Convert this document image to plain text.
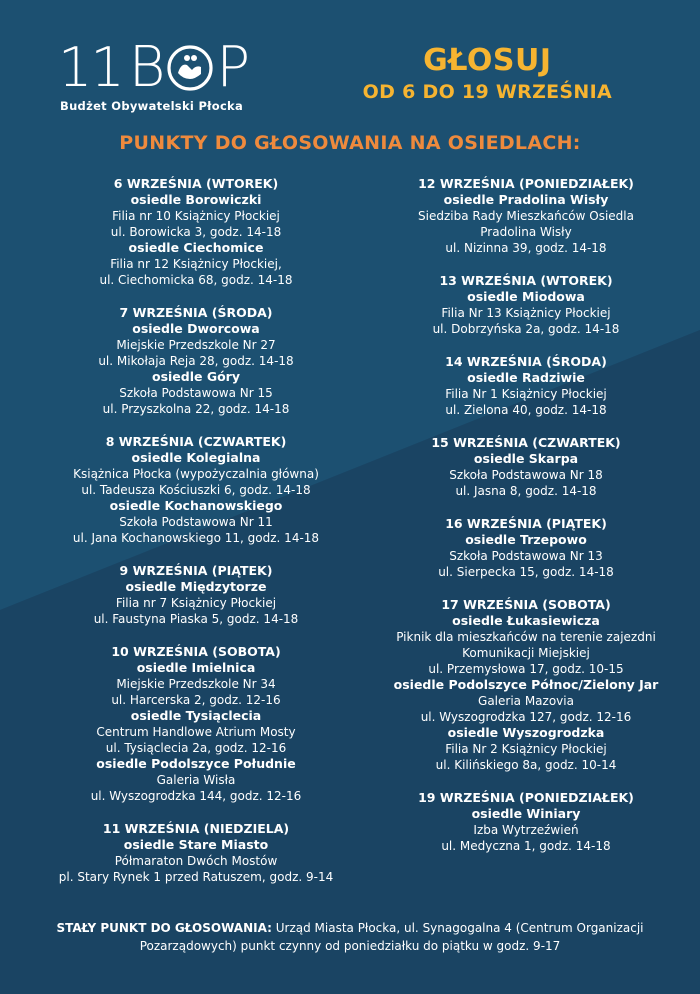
11 B P
Budżet Obywatelski Płocka
GŁOSUJ
OD 6 DO 19 WRZEŚNIA
PUNKTY DO GŁOSOWANIA NA OSIEDLACH:
6 WRZEŚNIA (WTOREK)
osiedle Borowiczki
Filia nr 10 Książnicy Płockiej
ul. Borowicka 3, godz. 14-18
osiedle Ciechomice
Filia nr 12 Książnicy Płockiej,
ul. Ciechomicka 68, godz. 14-18
7 WRZEŚNIA (ŚRODA)
osiedle Dworcowa
Miejskie Przedszkole Nr 27
ul. Mikołaja Reja 28, godz. 14-18
osiedle Góry
Szkoła Podstawowa Nr 15
ul. Przyszkolna 22, godz. 14-18
8 WRZEŚNIA (CZWARTEK)
osiedle Kolegialna
Książnica Płocka (wypożyczalnia główna)
ul. Tadeusza Kościuszki 6, godz. 14-18
osiedle Kochanowskiego
Szkoła Podstawowa Nr 11
ul. Jana Kochanowskiego 11, godz. 14-18
9 WRZEŚNIA (PIĄTEK)
osiedle Międzytorze
Filia nr 7 Książnicy Płockiej
ul. Faustyna Piaska 5, godz. 14-18
10 WRZEŚNIA (SOBOTA)
osiedle Imielnica
Miejskie Przedszkole Nr 34
ul. Harcerska 2, godz. 12-16
osiedle Tysiąclecia
Centrum Handlowe Atrium Mosty
ul. Tysiąclecia 2a, godz. 12-16
osiedle Podolszyce Południe
Galeria Wisła
ul. Wyszogrodzka 144, godz. 12-16
11 WRZEŚNIA (NIEDZIELA)
osiedle Stare Miasto
Półmaraton Dwóch Mostów
pl. Stary Rynek 1 przed Ratuszem, godz. 9-14
12 WRZEŚNIA (PONIEDZIAŁEK)
osiedle Pradolina Wisły
Siedziba Rady Mieszkańców Osiedla
Pradolina Wisły
ul. Nizinna 39, godz. 14-18
13 WRZEŚNIA (WTOREK)
osiedle Miodowa
Filia Nr 13 Książnicy Płockiej
ul. Dobrzyńska 2a, godz. 14-18
14 WRZEŚNIA (ŚRODA)
osiedle Radziwie
Filia Nr 1 Książnicy Płockiej
ul. Zielona 40, godz. 14-18
15 WRZEŚNIA (CZWARTEK)
osiedle Skarpa
Szkoła Podstawowa Nr 18
ul. Jasna 8, godz. 14-18
16 WRZEŚNIA (PIĄTEK)
osiedle Trzepowo
Szkoła Podstawowa Nr 13
ul. Sierpecka 15, godz. 14-18
17 WRZEŚNIA (SOBOTA)
osiedle Łukasiewicza
Piknik dla mieszkańców na terenie zajezdni
Komunikacji Miejskiej
ul. Przemysłowa 17, godz. 10-15
osiedle Podolszyce Północ/Zielony Jar
Galeria Mazovia
ul. Wyszogrodzka 127, godz. 12-16
osiedle Wyszogrodzka
Filia Nr 2 Książnicy Płockiej
ul. Kilińskiego 8a, godz. 10-14
19 WRZEŚNIA (PONIEDZIAŁEK)
osiedle Winiary
Izba Wytrzeźwień
ul. Medyczna 1, godz. 14-18
STAŁY PUNKT DO GŁOSOWANIA: Urząd Miasta Płocka, ul. Synagogalna 4 (Centrum Organizacji Pozarządowych) punkt czynny od poniedziałku do piątku w godz. 9-17
